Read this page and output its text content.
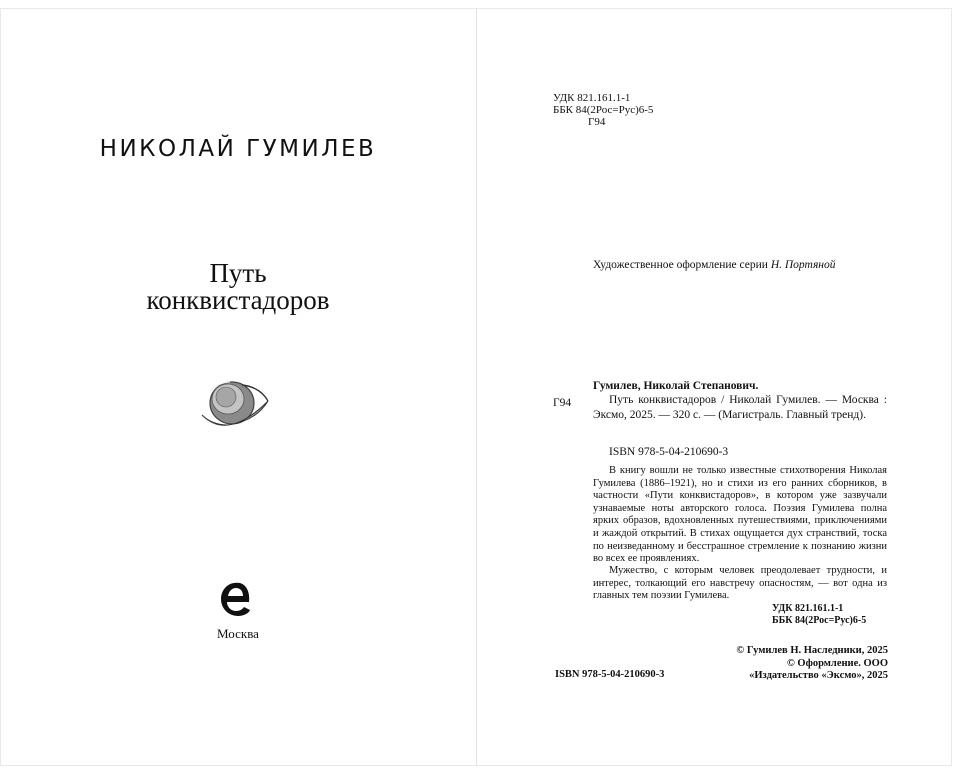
НИКОЛАЙ ГУМИЛЕВ
Путь
конквистадоров
Москва
УДК 821.161.1-1
ББК 84(2Рос=Рус)6-5
Г94
Художественное оформление серии Н. Портяной
Гумилев, Николай Степанович.
Г94	Путь конквистадоров / Николай Гумилев. — Москва : Эксмо, 2025. — 320 с. — (Магистраль. Главный тренд).
ISBN 978-5-04-210690-3
В книгу вошли не только известные стихотворения Николая Гумилева (1886–1921), но и стихи из его ранних сборников, в частности «Пути конквистадоров», в котором уже зазвучали узнаваемые ноты авторского голоса. Поэзия Гумилева полна ярких образов, вдохновленных путешествиями, приключениями и жаждой открытий. В стихах ощущается дух странствий, тоска по неизведанному и бесстрашное стремление к познанию жизни во всех ее проявлениях.
Мужество, с которым человек преодолевает трудности, и интерес, толкающий его навстречу опасностям, — вот одна из главных тем поэзии Гумилева.
УДК 821.161.1-1
ББК 84(2Рос=Рус)6-5
© Гумилев Н. Наследники, 2025
© Оформление. ООО
«Издательство «Эксмо», 2025
ISBN 978-5-04-210690-3
